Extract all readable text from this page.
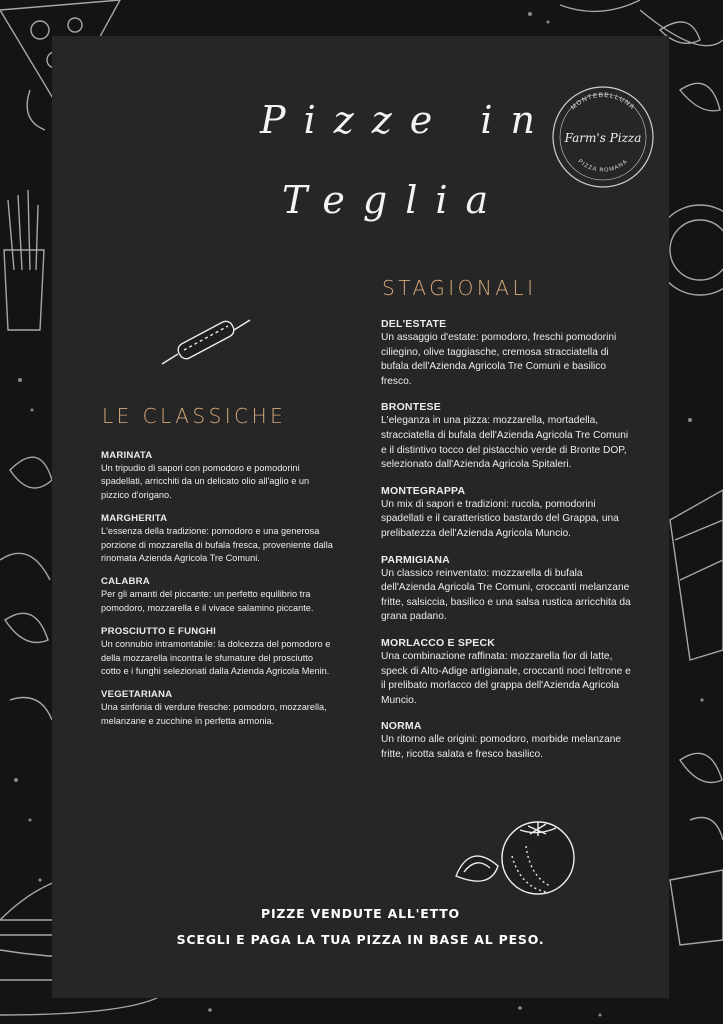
Pizze in
Teglia
MONTEBELLUNA
Farm's Pizza
PIZZA ROMANA
LE CLASSICHE
STAGIONALI
MARINATA
Un tripudio di sapori con pomodoro e pomodorini spadellati, arricchiti da un delicato olio all'aglio e un pizzico d'origano.
MARGHERITA
L'essenza della tradizione: pomodoro e una generosa porzione di mozzarella di bufala fresca, proveniente dalla rinomata Azienda Agricola Tre Comuni.
CALABRA
Per gli amanti del piccante: un perfetto equilibrio tra pomodoro, mozzarella e il vivace salamino piccante.
PROSCIUTTO E FUNGHI
Un connubio intramontabile: la dolcezza del pomodoro e della mozzarella incontra le sfumature del prosciutto cotto e i funghi selezionati dalla Azienda Agricola Menin.
VEGETARIANA
Una sinfonia di verdure fresche: pomodoro, mozzarella, melanzane e zucchine in perfetta armonia.
DEL'ESTATE
Un assaggio d'estate: pomodoro, freschi pomodorini ciliegino, olive taggiasche, cremosa stracciatella di bufala dell'Azienda Agricola Tre Comuni e basilico fresco.
BRONTESE
L'eleganza in una pizza: mozzarella, mortadella, stracciatella di bufala dell'Azienda Agricola Tre Comuni e il distintivo tocco del pistacchio verde di Bronte DOP, selezionato dall'Azienda Agricola Spitaleri.
MONTEGRAPPA
Un mix di sapori e tradizioni: rucola, pomodorini spadellati e il caratteristico bastardo del Grappa, una prelibatezza dell'Azienda Agricola Muncio.
PARMIGIANA
Un classico reinventato: mozzarella di bufala dell'Azienda Agricola Tre Comuni, croccanti melanzane fritte, salsiccia, basilico e una salsa rustica arricchita da grana padano.
MORLACCO E SPECK
Una combinazione raffinata: mozzarella fior di latte, speck di Alto-Adige artigianale, croccanti noci feltrone e il prelibato morlacco del grappa dell'Azienda Agricola Muncio.
NORMA
Un ritorno alle origini: pomodoro, morbide melanzane fritte, ricotta salata e fresco basilico.
PIZZE VENDUTE ALL'ETTO
SCEGLI E PAGA LA TUA PIZZA IN BASE AL PESO.
